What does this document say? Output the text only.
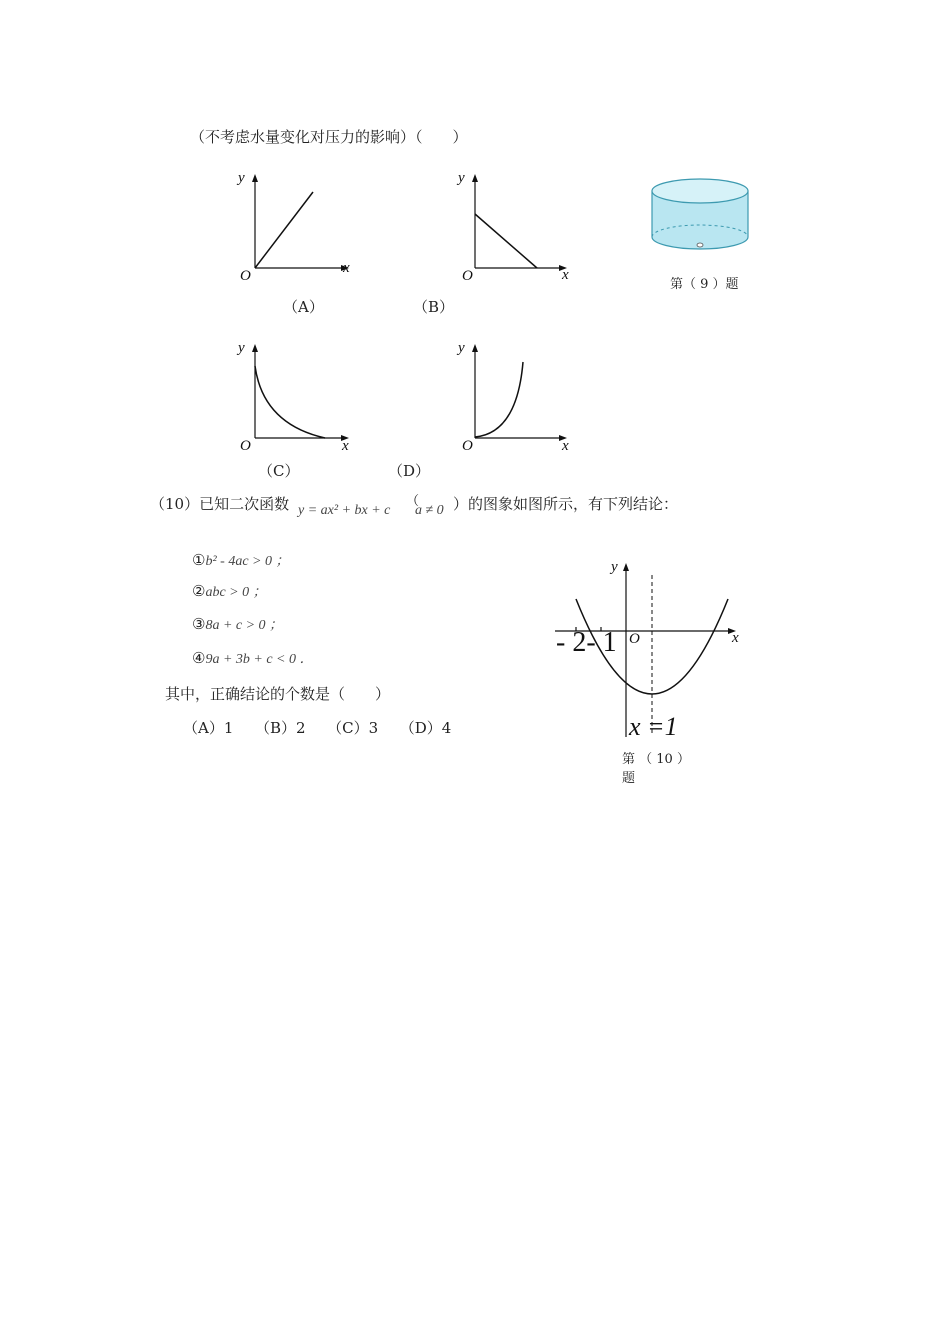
（不考虑水量变化对压力的影响）（　　）
y
x
O
（A）
y
x
O
（B）
第（ 9 ）题
y
x
O
（C）
y
x
O
（D）
（10）已知二次函数 y = ax² + bx + c
（
a ≠ 0 ）的图象如图所示，有下列结论：
①b² - 4ac > 0 ；
②abc > 0 ；
③8a + c > 0 ；
④9a + 3b + c < 0 ．
其中，正确结论的个数是（　　）
（A）1 （B）2 （C）3 （D）4
y
x
O
- 2- 1
x =1
第 （ 10 ）
题
